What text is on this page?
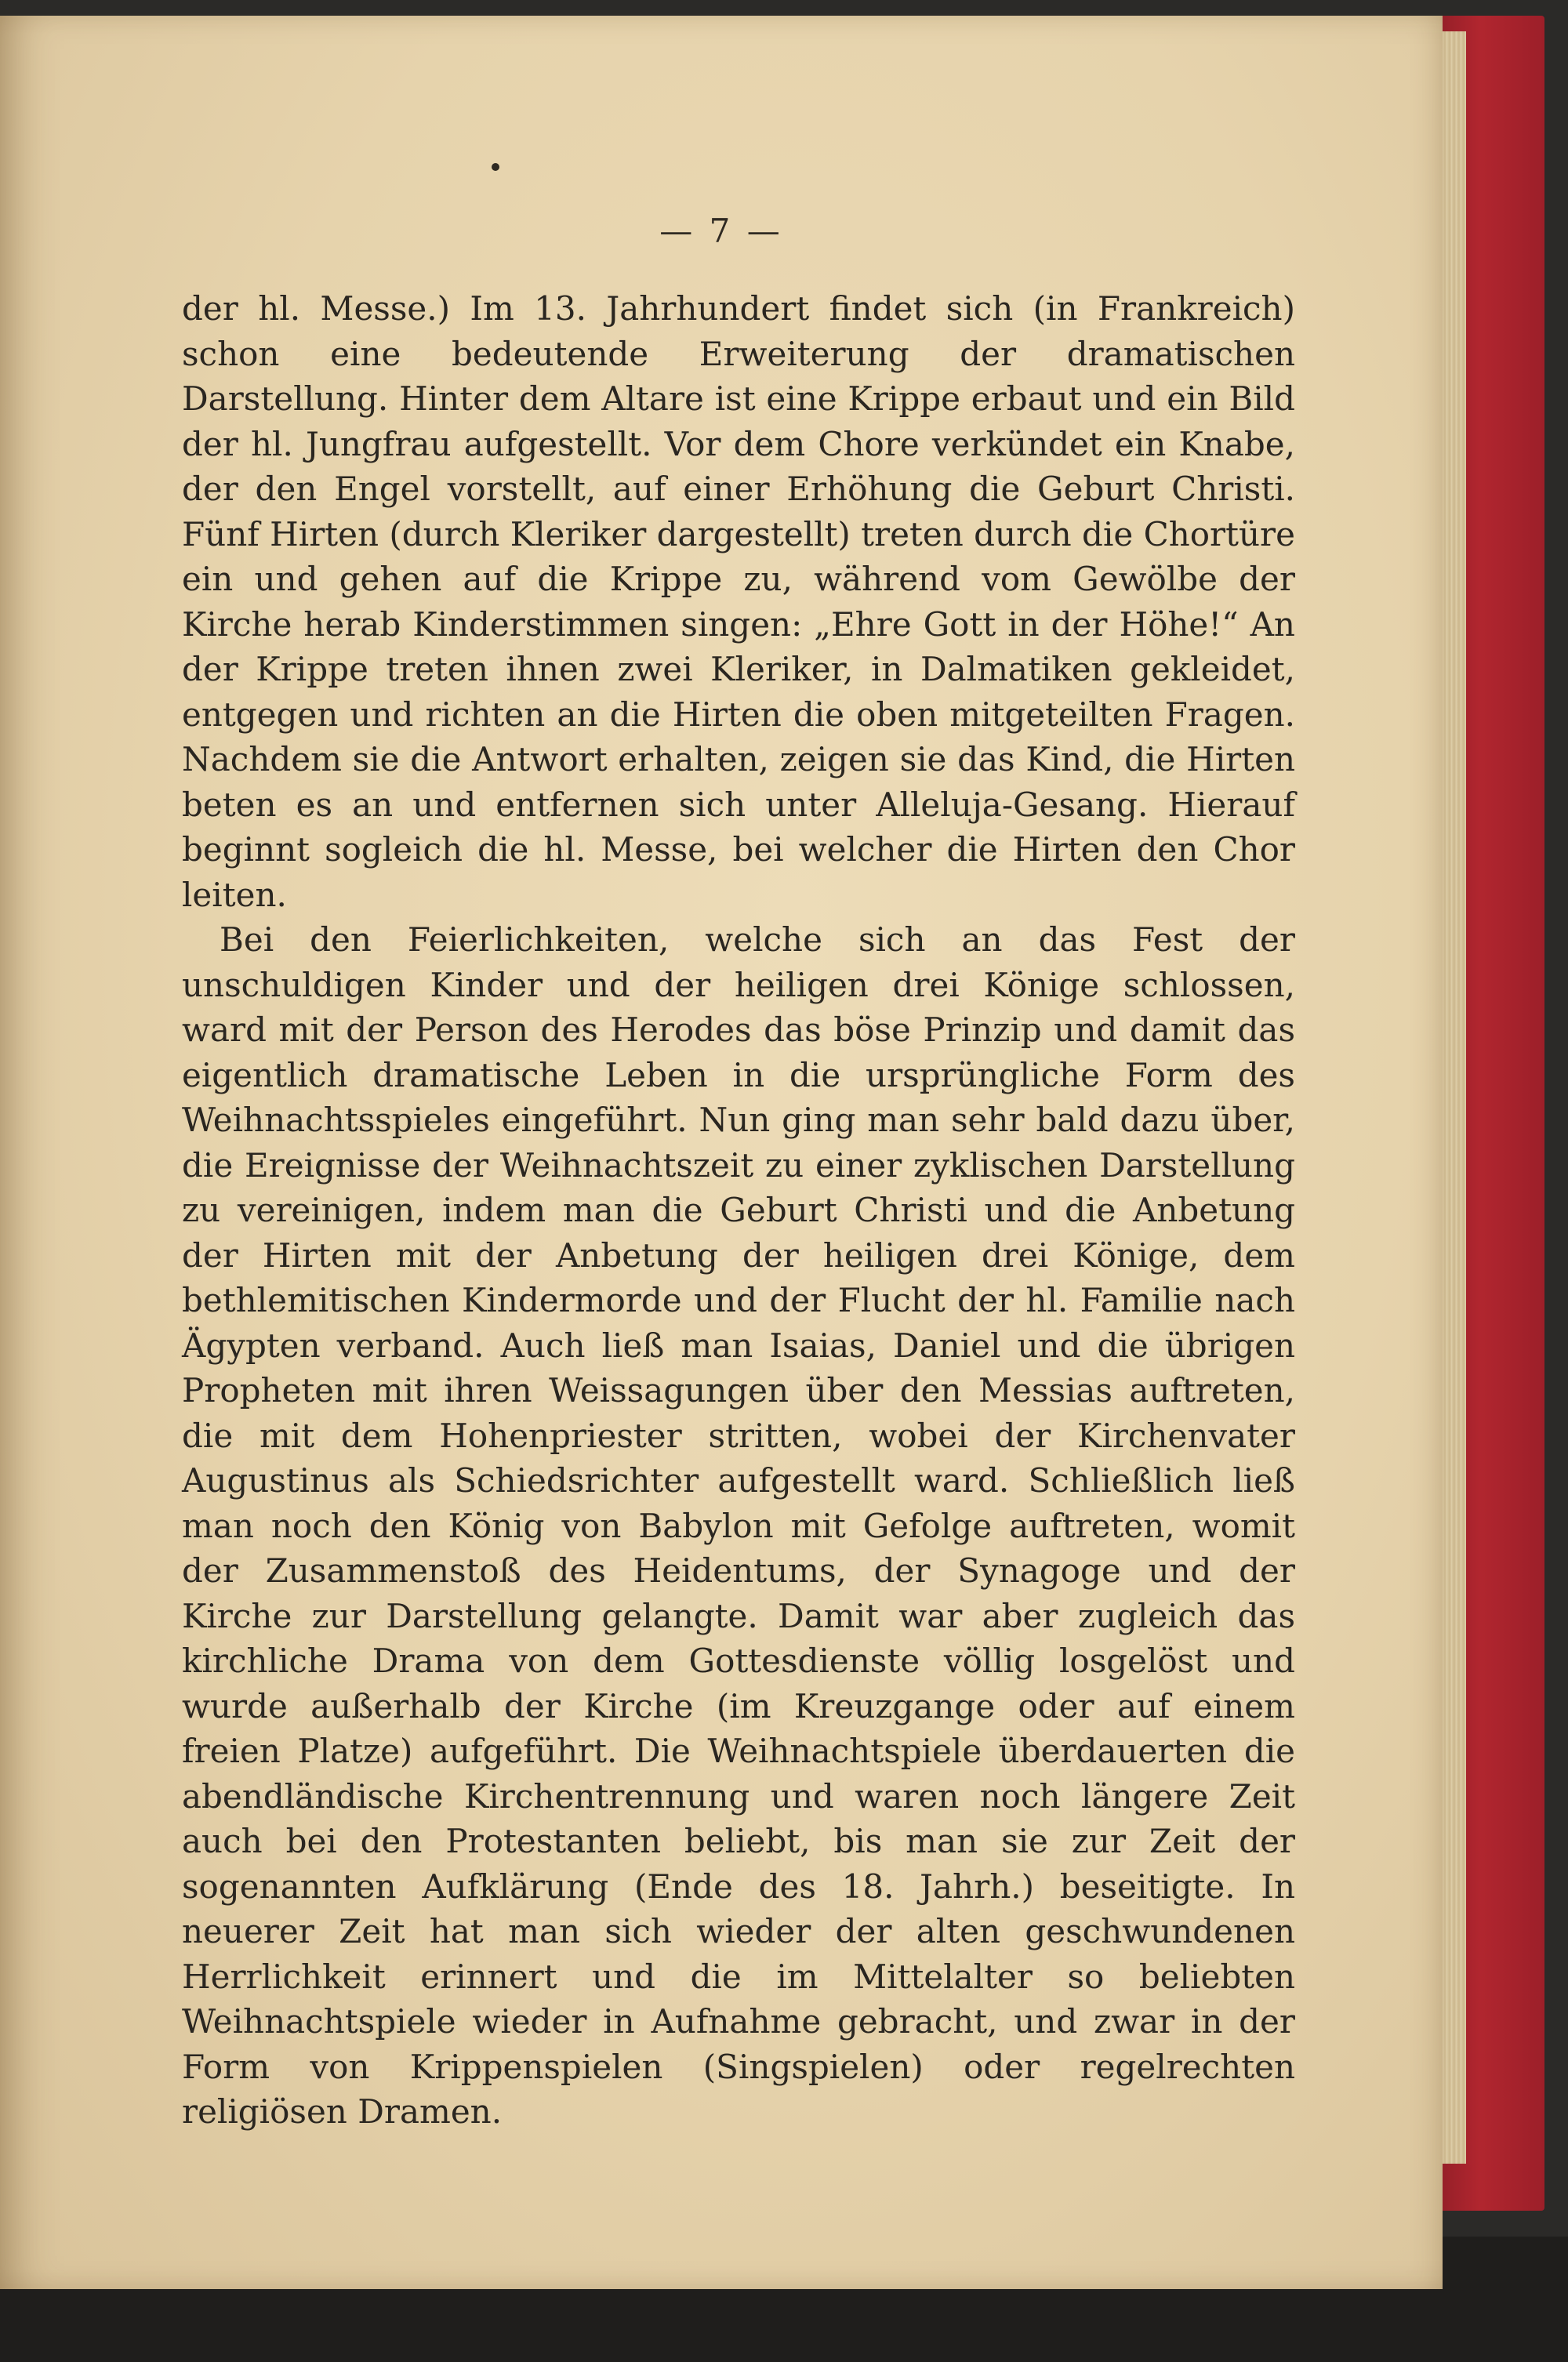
— 7 —

der hl. Messe.) Im 13. Jahrhundert findet sich (in Frankreich) schon eine bedeutende Erweiterung der dramatischen Darstellung. Hinter dem Altare ist eine Krippe erbaut und ein Bild der hl. Jungfrau aufgestellt. Vor dem Chore verkündet ein Knabe, der den Engel vorstellt, auf einer Erhöhung die Geburt Christi. Fünf Hirten (durch Kleriker dargestellt) treten durch die Chortüre ein und gehen auf die Krippe zu, während vom Gewölbe der Kirche herab Kinderstimmen singen: „Ehre Gott in der Höhe!“ An der Krippe treten ihnen zwei Kleriker, in Dalmatiken gekleidet, entgegen und richten an die Hirten die oben mitgeteilten Fragen. Nachdem sie die Antwort erhalten, zeigen sie das Kind, die Hirten beten es an und entfernen sich unter Alleluja-Gesang. Hierauf beginnt sogleich die hl. Messe, bei welcher die Hirten den Chor leiten.

Bei den Feierlichkeiten, welche sich an das Fest der unschuldigen Kinder und der heiligen drei Könige schlossen, ward mit der Person des Herodes das böse Prinzip und damit das eigentlich dramatische Leben in die ursprüngliche Form des Weihnachtsspieles eingeführt. Nun ging man sehr bald dazu über, die Ereignisse der Weihnachtszeit zu einer zyklischen Darstellung zu vereinigen, indem man die Geburt Christi und die Anbetung der Hirten mit der Anbetung der heiligen drei Könige, dem bethlemitischen Kindermorde und der Flucht der hl. Familie nach Ägypten verband. Auch ließ man Isaias, Daniel und die übrigen Propheten mit ihren Weissagungen über den Messias auftreten, die mit dem Hohenpriester stritten, wobei der Kirchenvater Augustinus als Schiedsrichter aufgestellt ward. Schließlich ließ man noch den König von Babylon mit Gefolge auftreten, womit der Zusammenstoß des Heidentums, der Synagoge und der Kirche zur Darstellung gelangte. Damit war aber zugleich das kirchliche Drama von dem Gottesdienste völlig losgelöst und wurde außerhalb der Kirche (im Kreuzgange oder auf einem freien Platze) aufgeführt. Die Weihnachtspiele überdauerten die abendländische Kirchentrennung und waren noch längere Zeit auch bei den Protestanten beliebt, bis man sie zur Zeit der sogenannten Aufklärung (Ende des 18. Jahrh.) beseitigte. In neuerer Zeit hat man sich wieder der alten geschwundenen Herrlichkeit erinnert und die im Mittelalter so beliebten Weihnachtspiele wieder in Aufnahme gebracht, und zwar in der Form von Krippenspielen (Singspielen) oder regelrechten religiösen Dramen.
